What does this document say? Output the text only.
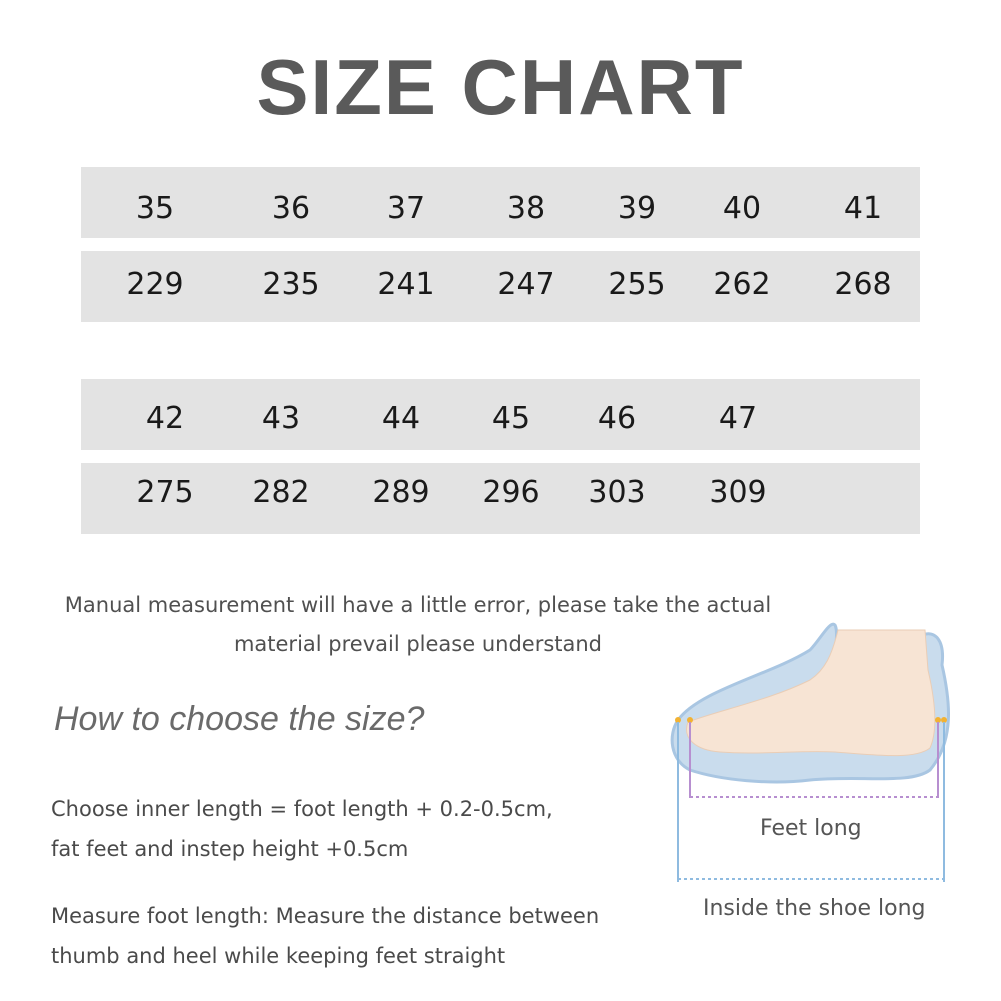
SIZE CHART
35	36	37	38 39 40	41
229	235 241 247 255 262 268
42	43	44 45 46	47
275 282 289 296 303 309
Manual measurement will have a little error, please take the actual
material prevail please understand
How to choose the size?
Choose inner length = foot length + 0.2-0.5cm,
fat feet and instep height +0.5cm
Measure foot length: Measure the distance between
thumb and heel while keeping feet straight
Feet long
Inside the shoe long
